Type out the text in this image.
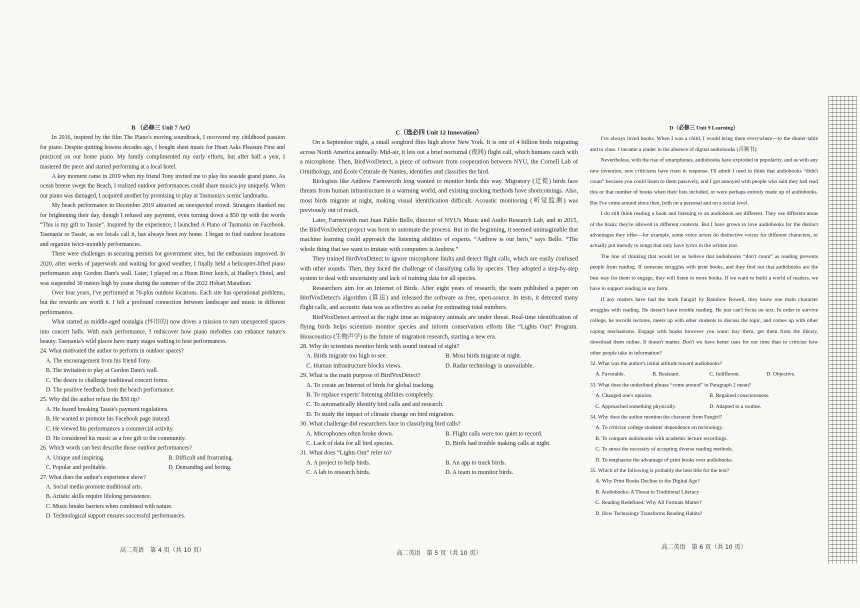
B （必修三 Unit 7 Art）

In 2016, inspired by the film The Piano's moving soundtrack, I recovered my childhood passion for piano. Despite quitting lessons decades ago, I bought sheet music for Heart Asks Pleasure First and practiced on our home piano. My family complimented my early efforts, but after half a year, I mastered the piece and started performing at a local hotel.

A key moment came in 2019 when my friend Tony invited me to play his seaside grand piano. As ocean breeze swept the Beach, I realized outdoor performances could share music's joy uniquely. When our piano was damaged, I acquired another by promising to play at Tasmania's scenic landmarks.

My beach performance in December 2019 attracted an unexpected crowd. Strangers thanked me for brightening their day, though I refused any payment, even turning down a $50 tip with the words “This is my gift to Tassie”. Inspired by the experience, I launched A Piano of Tasmania on Facebook. Tasmania or Tassie, as we locals call it, has always been my home. I began to find outdoor locations and organize twice-monthly performances.

There were challenges in securing permits for government sites, but the enthusiasm improved. In 2020, after weeks of paperwork and waiting for good weather, I finally held a helicopter-lifted piano performance atop Gordon Dam's wall. Later, I played on a Huon River ketch, at Hadley's Hotel, and was suspended 30 meters high by crane during the summer of the 2022 Hobart Marathon.

Over four years, I've performed at 70-plus outdoor locations. Each site has operational problems, but the rewards are worth it. I felt a profound connection between landscape and music in different performances.

What started as middle-aged nostalgia (怀旧的) now drives a mission to turn unexpected spaces into concert halls. With each performance, I rediscover how piano melodies can enhance nature's beauty. Tasmania's wild places have many stages waiting to host performances.

24. What motivated the author to perform in outdoor spaces?

A. The encouragement from his friend Tony.
B. The invitation to play at Gordon Dam's wall.
C. The desire to challenge traditional concert forms.
D. The positive feedback from the beach performance.

25. Why did the author refuse the $50 tip?

A. He feared breaking Tassie's payment regulations.
B. He wanted to promote his Facebook page instead.
C. He viewed his performances a commercial activity.
D. He considered his music as a free gift to the community.

26. Which words can best describe those outdoor performances?

A. Unique and inspiring.	B. Difficult and frustrating.
C. Popular and profitable.	D. Demanding and boring.

27. What does the author's experience show?

A. Social media promote traditional arts.
B. Artistic skills require lifelong persistence.
C. Music breaks barriers when combined with nature.
D. Technological support ensures successful performances.
高二英语　第 4 页（共 10 页）
C（选必四 Unit 12 Innovation）

On a September night, a small songbird flies high above New York. It is one of 4 billion birds migrating across North America annually. Mid-air, it lets out a brief nocturnal (夜间) flight call, which humans catch with a microphone. Then, BirdVoxDetect, a piece of software from cooperation between NYU, the Cornell Lab of Ornithology, and École Centrale de Nantes, identifies and classifies the bird.

Biologists like Andrew Farnsworth long wanted to monitor birds this way. Migratory (迁徙) birds face threats from human infrastructure in a warming world, and existing tracking methods have shortcomings. Also, most birds migrate at night, making visual identification difficult. Acoustic monitoring (听觉监测) was previously out of reach.

Later, Farnsworth met Juan Pablo Bello, director of NYU's Music and Audio Research Lab, and in 2015, the BirdVoxDetect project was born to automate the process. But in the beginning, it seemed unimaginable that machine learning could approach the listening abilities of experts. “Andrew is our hero,” says Bello. “The whole thing that we want to imitate with computers is Andrew.”

They trained BirdVoxDetect to ignore microphone faults and detect flight calls, which are easily confused with other sounds. Then, they faced the challenge of classifying calls by species. They adopted a step-by-step system to deal with uncertainty and lack of training data for all species.

Researchers aim for an Internet of Birds. After eight years of research, the team published a paper on BirdVoxDetect's algorithm (算法) and released the software as free, open-source. In tests, it detected many flight calls, and acoustic data was as effective as radar for estimating total numbers.

BirdVoxDetect arrived at the right time as migratory animals are under threat. Real-time identification of flying birds helps scientists monitor species and inform conservation efforts like “Lights Out” Program. Bioacoustics (生物声学) is the future of migration research, starting a new era.

28. Why do scientists monitor birds with sound instead of sight?

A. Birds migrate too high to see.	B. Most birds migrate at night.
C. Human infrastructure blocks views.	D. Radar technology is unavailable.

29. What is the main purpose of BirdVoxDetect?

A. To create an Internet of birds for global tracking.
B. To replace experts' listening abilities completely.
C. To automatically identify bird calls and aid research.
D. To study the impact of climate change on bird migration.

30. What challenge did researchers face in classifying bird calls?

A. Microphones often broke down.	B. Flight calls were too quiet to record.
C. Lack of data for all bird species.	D. Birds had trouble making calls at night.

31. What does “Lights Out” refer to?

A. A project to help birds.	B. An app to track birds.
C. A lab to research birds.	D. A team to monitor birds.
高二英语　第 5 页（共 10 页）
D（必修三 Unit 9 Learning）

I've always loved books. When I was a child, I would bring them everywhere—to the dinner table and to class. I became a reader in the absence of digital audiobooks (音频书).

Nevertheless, with the rise of smartphones, audiobooks have exploded in popularity, and as with any new invention, new criticisms have risen in response. I'll admit I used to think that audiobooks “didn't count” because you could listen to them passively, and I got annoyed with people who said they had read this or that number of books when their lists included, or were perhaps entirely made up of audiobooks. But I've come around since then, both on a personal and on a social level.

I do still think reading a book and listening to an audiobook are different. They use different areas of the brain; they're allowed in different contexts. But I have grown to love audiobooks for the distinct advantages they offer—for example, some voice actors do distinctive voices for different characters, or actually put melody to songs that only have lyrics in the written text.

The line of thinking that would let us believe that audiobooks “don't count” as reading prevents people from reading. If someone struggles with print books, and they find out that audiobooks are the best way for them to engage, they will listen to more books. If we want to build a world of readers, we have to support reading in any form.

If any readers have had the book Fangirl by Rainbow Rowell, they know one main character struggles with reading. He doesn't have trouble reading. He just can't focus on text. In order to survive college, he records lectures, meets up with other students to discuss the topic, and comes up with other coping mechanisms. Engage with books however you want: buy them, get them from the library, download them online. It doesn't matter. Don't we have better uses for our time than to criticize how other people take in information?

32. What was the author's initial attitude toward audiobooks?

A. Favorable.	B. Resistant.	C. Indifferent.	D. Objective.

33. What does the underlined phrase “come around” in Paragraph 2 mean?

A. Changed one's opinion.	B. Regained consciousness.
C. Approached something physically.	D. Adapted to a routine.

34. Why does the author mention the character from Fangirl?

A. To criticize college students' dependence on technology.
B. To compare audiobooks with academic lecture recordings.
C. To stress the necessity of accepting diverse reading methods.
D. To emphasize the advantage of print books over audiobooks.

35. Which of the following is probably the best title for the text?

A. Why Print Books Decline in the Digital Age?
B. Audiobooks: A Threat to Traditional Literacy
C. Reading Redefined: Why All Formats Matter?
D. How Technology Transforms Reading Habits?
高二英语　第 6 页（共 10 页）
